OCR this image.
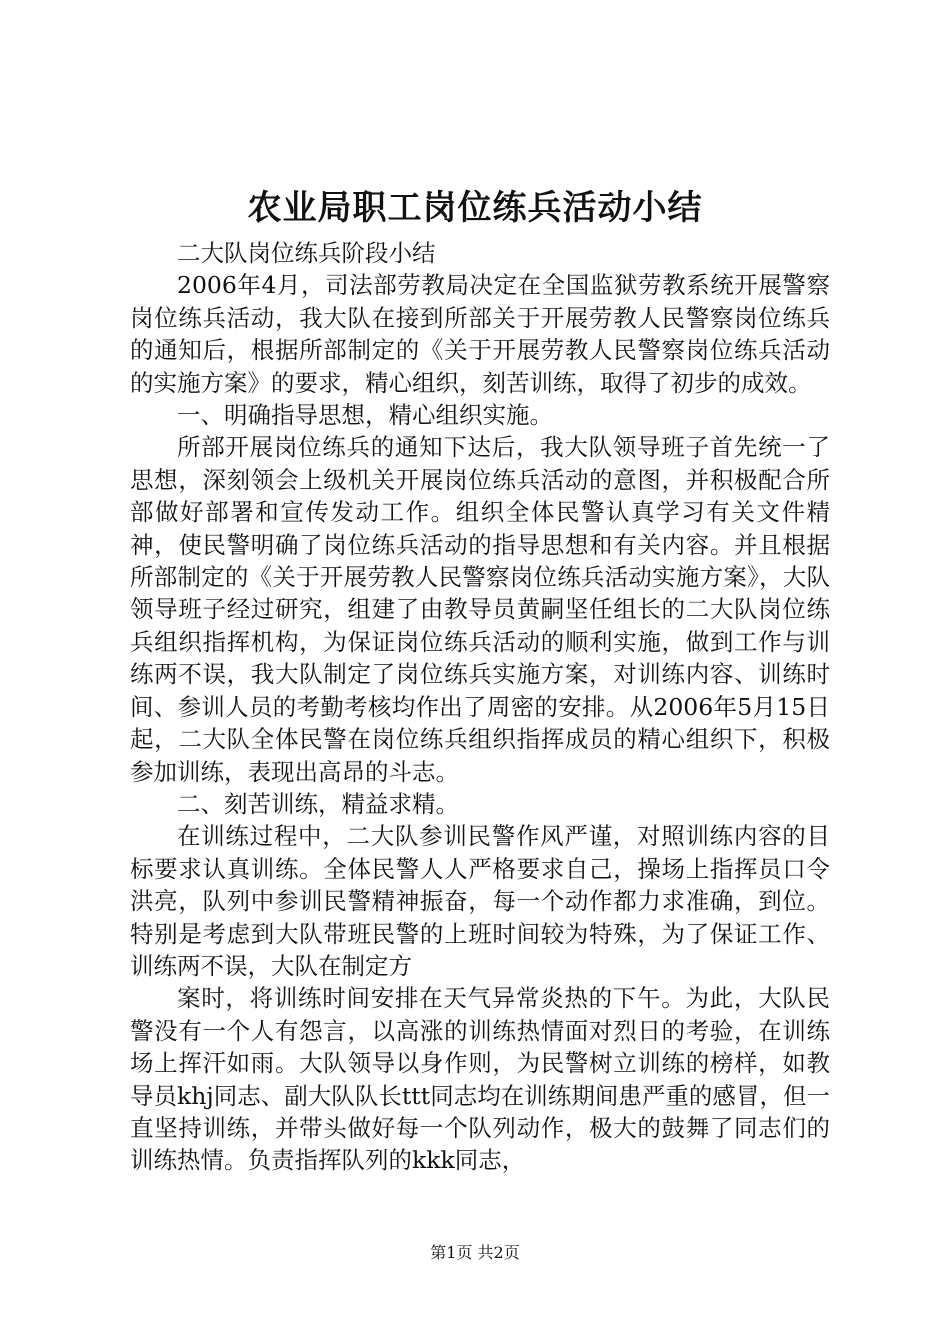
农业局职工岗位练兵活动小结

二大队岗位练兵阶段小结

2006年4月，司法部劳教局决定在全国监狱劳教系统开展警察岗位练兵活动，我大队在接到所部关于开展劳教人民警察岗位练兵的通知后，根据所部制定的《关于开展劳教人民警察岗位练兵活动的实施方案》的要求，精心组织，刻苦训练，取得了初步的成效。

一、明确指导思想，精心组织实施。

所部开展岗位练兵的通知下达后，我大队领导班子首先统一了思想，深刻领会上级机关开展岗位练兵活动的意图，并积极配合所部做好部署和宣传发动工作。组织全体民警认真学习有关文件精神，使民警明确了岗位练兵活动的指导思想和有关内容。并且根据所部制定的《关于开展劳教人民警察岗位练兵活动实施方案》，大队领导班子经过研究，组建了由教导员黄嗣坚任组长的二大队岗位练兵组织指挥机构，为保证岗位练兵活动的顺利实施，做到工作与训练两不误，我大队制定了岗位练兵实施方案，对训练内容、训练时间、参训人员的考勤考核均作出了周密的安排。从2006年5月15日起，二大队全体民警在岗位练兵组织指挥成员的精心组织下，积极参加训练，表现出高昂的斗志。

二、刻苦训练，精益求精。

在训练过程中，二大队参训民警作风严谨，对照训练内容的目标要求认真训练。全体民警人人严格要求自己，操场上指挥员口令洪亮，队列中参训民警精神振奋，每一个动作都力求准确，到位。特别是考虑到大队带班民警的上班时间较为特殊，为了保证工作、训练两不误，大队在制定方

案时，将训练时间安排在天气异常炎热的下午。为此，大队民警没有一个人有怨言，以高涨的训练热情面对烈日的考验，在训练场上挥汗如雨。大队领导以身作则，为民警树立训练的榜样，如教导员khj同志、副大队队长ttt同志均在训练期间患严重的感冒，但一直坚持训练，并带头做好每一个队列动作，极大的鼓舞了同志们的训练热情。负责指挥队列的kkk同志，

第1页 共2页
